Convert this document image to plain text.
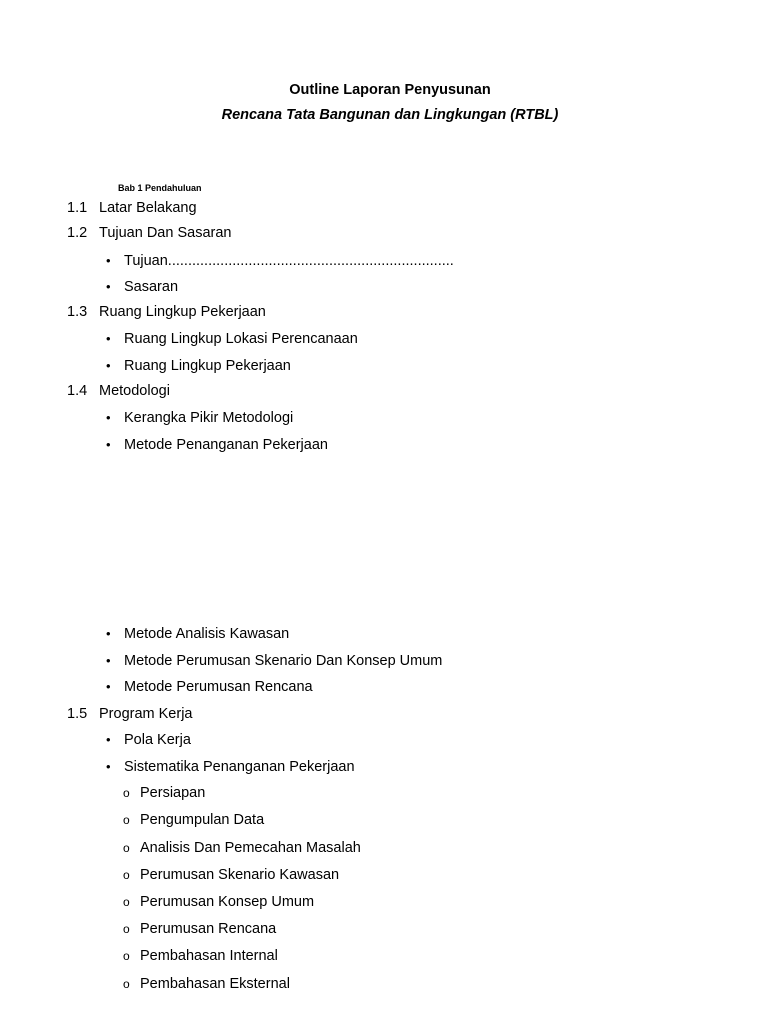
Outline Laporan Penyusunan
Rencana Tata Bangunan dan Lingkungan (RTBL)
Bab 1 Pendahuluan
1.1 Latar Belakang
1.2 Tujuan Dan Sasaran
• Tujuan.......................................................................
• Sasaran
1.3 Ruang Lingkup Pekerjaan
• Ruang Lingkup Lokasi Perencanaan
• Ruang Lingkup Pekerjaan
1.4 Metodologi
• Kerangka Pikir Metodologi
• Metode Penanganan Pekerjaan
• Metode Analisis Kawasan
• Metode Perumusan Skenario Dan Konsep Umum
• Metode Perumusan Rencana
1.5 Program Kerja
• Pola Kerja
• Sistematika Penanganan Pekerjaan
o Persiapan
o Pengumpulan Data
o Analisis Dan Pemecahan Masalah
o Perumusan Skenario Kawasan
o Perumusan Konsep Umum
o Perumusan Rencana
o Pembahasan Internal
o Pembahasan Eksternal
